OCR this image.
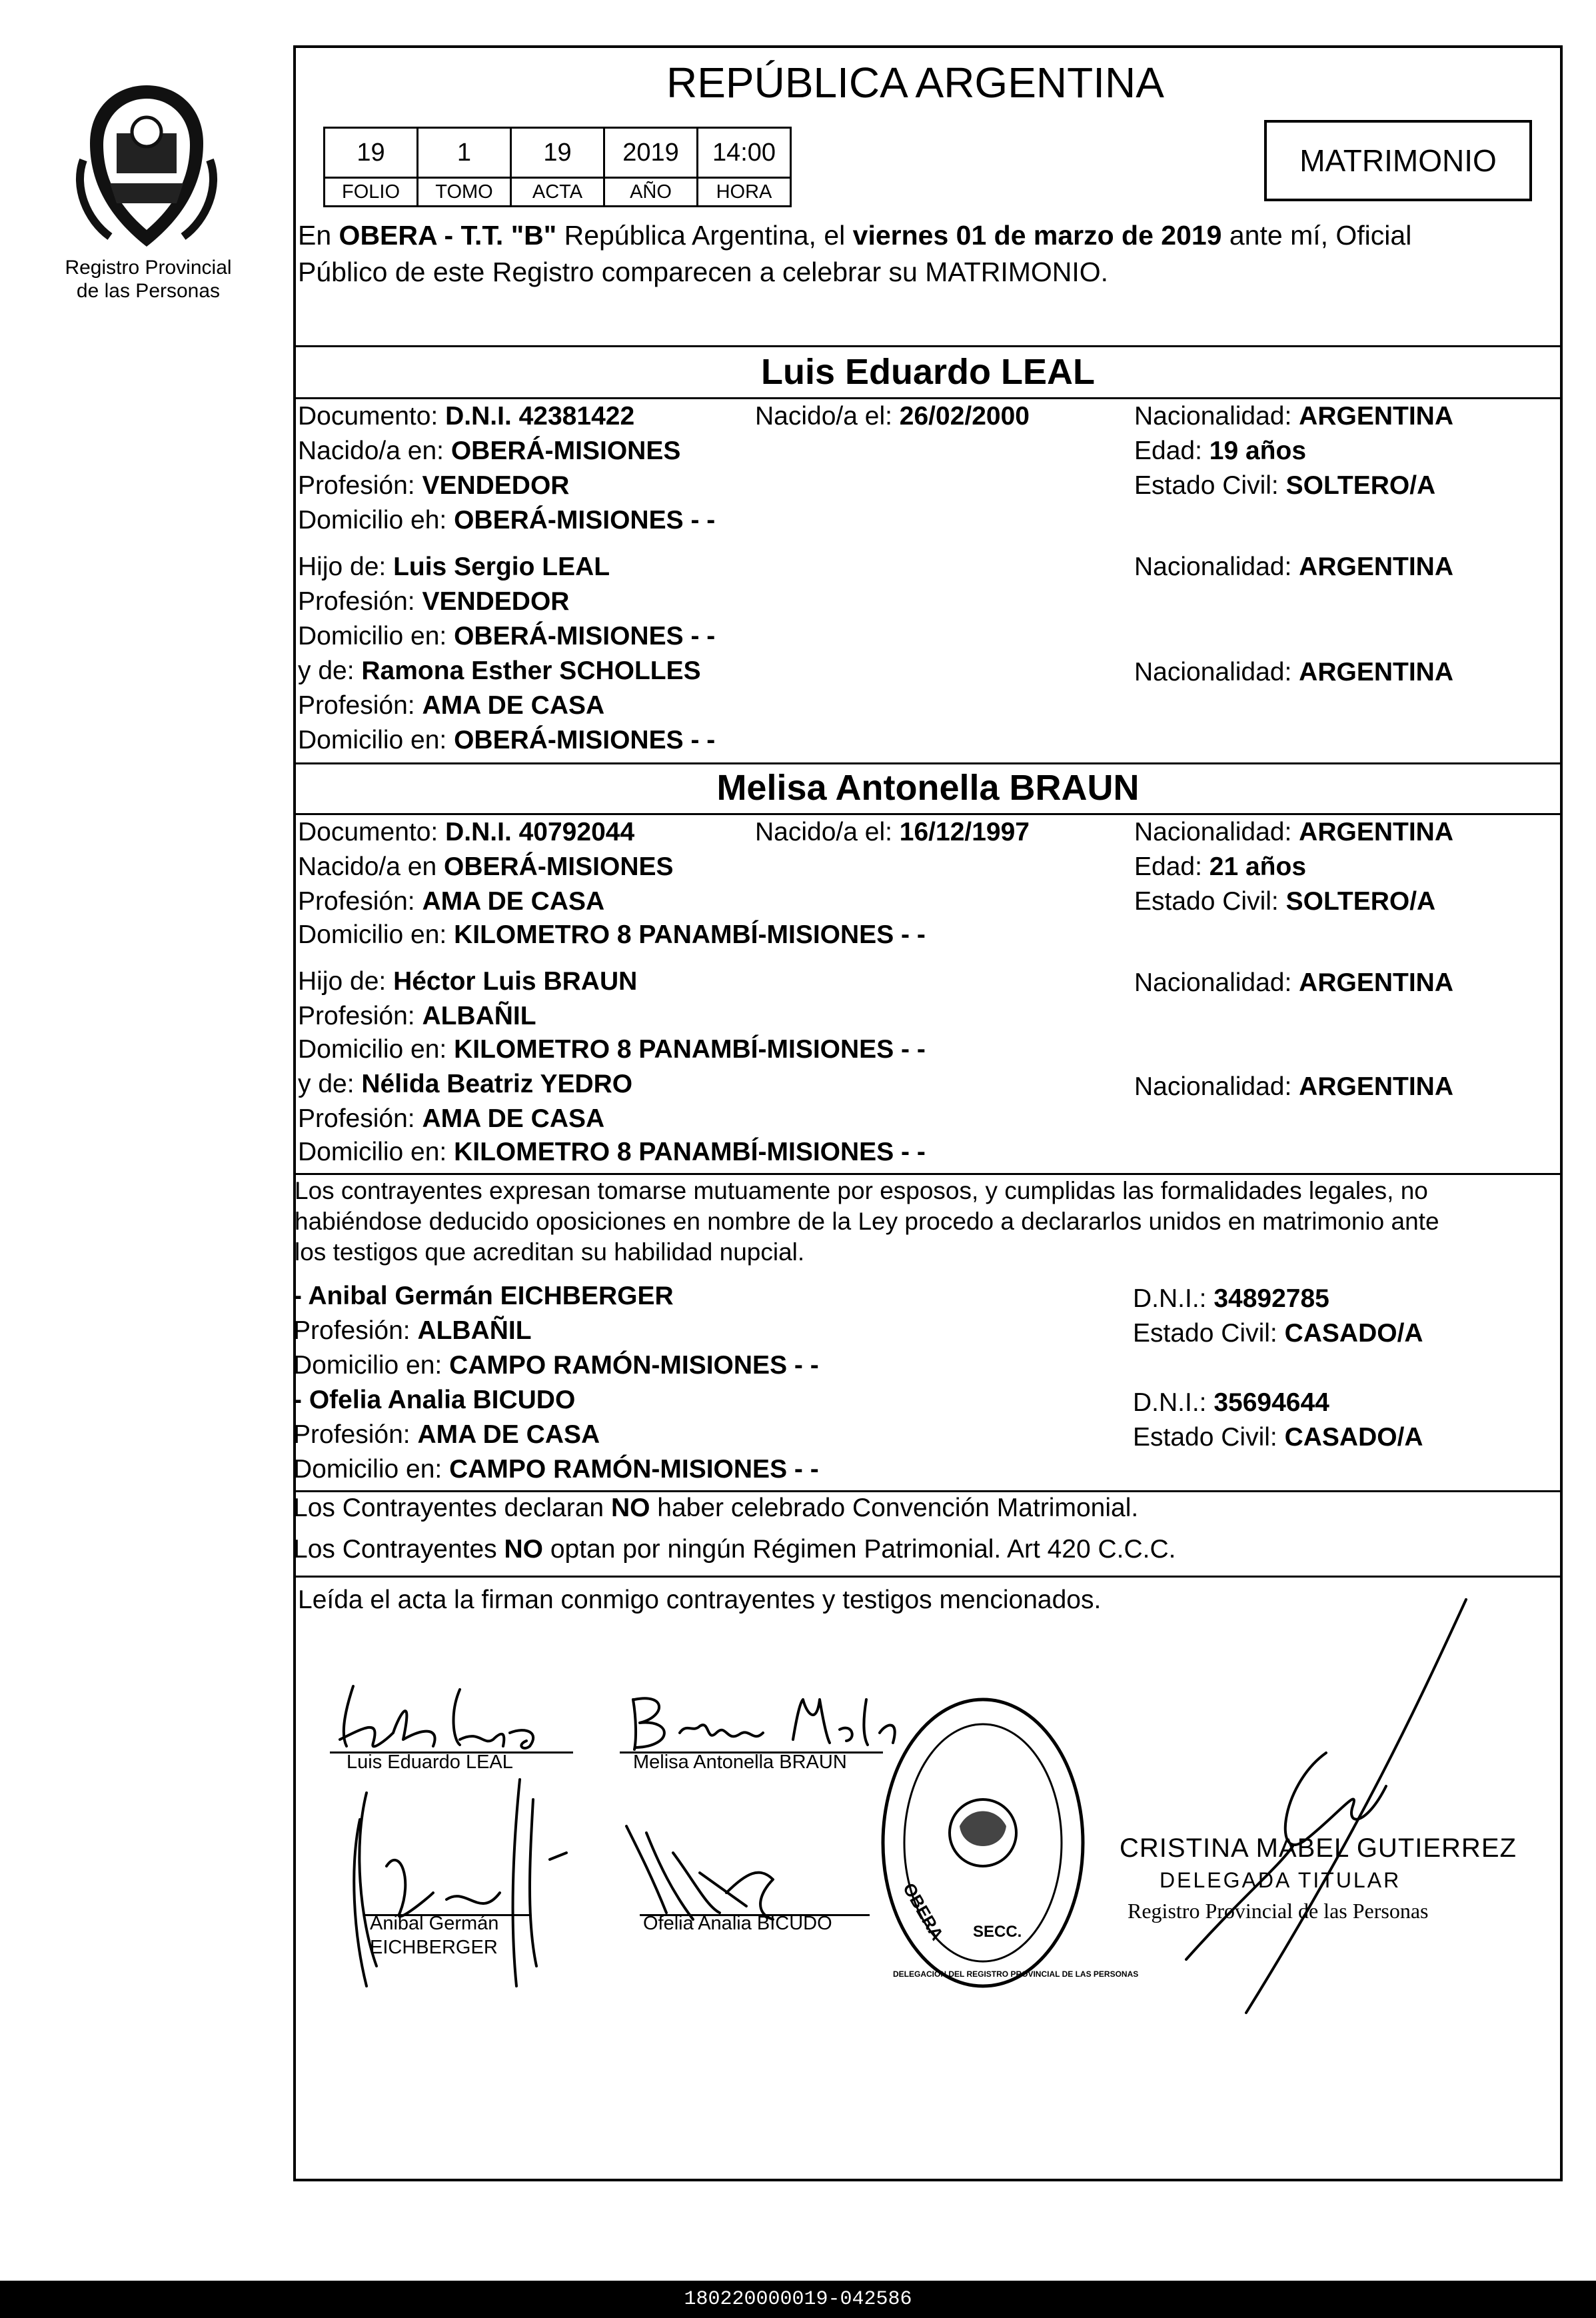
Registro Provincial
de las Personas
REPÚBLICA ARGENTINA
19	1	19	2019	14:00
FOLIO	TOMO	ACTA	AÑO	HORA
MATRIMONIO
En OBERA - T.T. "B" República Argentina, el viernes 01 de marzo de 2019 ante mí, Oficial
Público de este Registro comparecen a celebrar su MATRIMONIO.
Luis Eduardo LEAL
Documento: D.N.I. 42381422	Nacido/a el: 26/02/2000	Nacionalidad: ARGENTINA
Nacido/a en: OBERÁ-MISIONES	Edad: 19 años
Profesión: VENDEDOR	Estado Civil: SOLTERO/A
Domicilio eh: OBERÁ-MISIONES - -
Hijo de: Luis Sergio LEAL	Nacionalidad: ARGENTINA
Profesión: VENDEDOR
Domicilio en: OBERÁ-MISIONES - -
y de: Ramona Esther SCHOLLES	Nacionalidad: ARGENTINA
Profesión: AMA DE CASA
Domicilio en: OBERÁ-MISIONES - -
Melisa Antonella BRAUN
Documento: D.N.I. 40792044	Nacido/a el: 16/12/1997	Nacionalidad: ARGENTINA
Nacido/a en OBERÁ-MISIONES	Edad: 21 años
Profesión: AMA DE CASA	Estado Civil: SOLTERO/A
Domicilio en: KILOMETRO 8 PANAMBÍ-MISIONES - -
Hijo de: Héctor Luis BRAUN	Nacionalidad: ARGENTINA
Profesión: ALBAÑIL
Domicilio en: KILOMETRO 8 PANAMBÍ-MISIONES - -
y de: Nélida Beatriz YEDRO	Nacionalidad: ARGENTINA
Profesión: AMA DE CASA
Domicilio en: KILOMETRO 8 PANAMBÍ-MISIONES - -
Los contrayentes expresan tomarse mutuamente por esposos, y cumplidas las formalidades legales, no
habiéndose deducido oposiciones en nombre de la Ley procedo a declararlos unidos en matrimonio ante
los testigos que acreditan su habilidad nupcial.
- Anibal Germán EICHBERGER	D.N.I.: 34892785
Profesión: ALBAÑIL	Estado Civil: CASADO/A
Domicilio en: CAMPO RAMÓN-MISIONES - -
- Ofelia Analia BICUDO	D.N.I.: 35694644
Profesión: AMA DE CASA	Estado Civil: CASADO/A
Domicilio en: CAMPO RAMÓN-MISIONES - -
Los Contrayentes declaran NO haber celebrado Convención Matrimonial.
Los Contrayentes NO optan por ningún Régimen Patrimonial. Art 420 C.C.C.
Leída el acta la firman conmigo contrayentes y testigos mencionados.
Luis Eduardo LEAL	Melisa Antonella BRAUN
Anibal Germán
EICHBERGER
Ofelia Analia BICUDO
DELEGACION DEL REGISTRO PROVINCIAL DE LAS PERSONAS
OBERA SECC.
CRISTINA MABEL GUTIERREZ
DELEGADA TITULAR
Registro Provincial de las Personas
180220000019-042586
